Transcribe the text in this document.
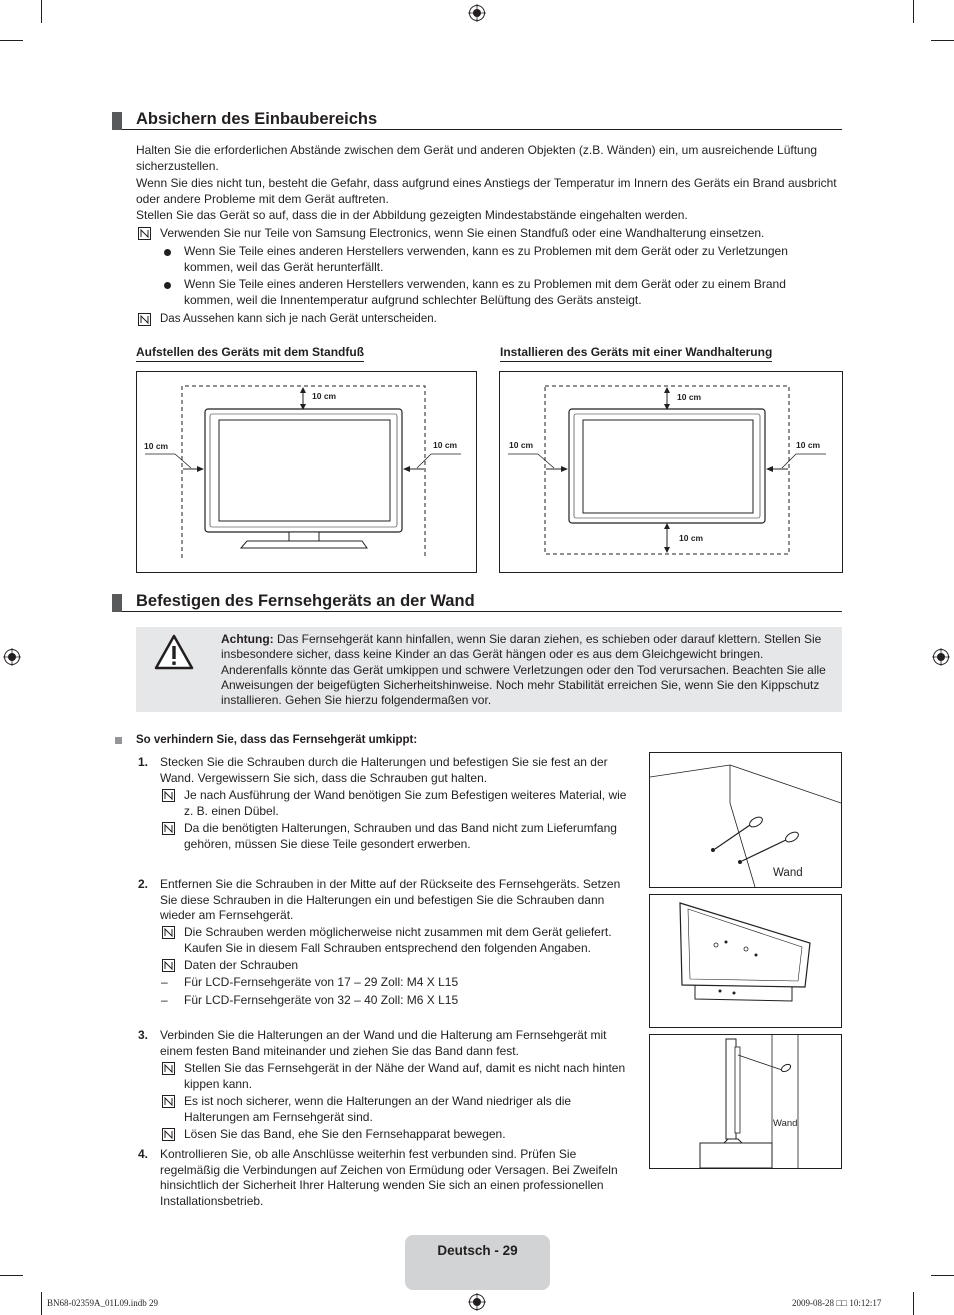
Absichern des Einbaubereichs
Halten Sie die erforderlichen Abstände zwischen dem Gerät und anderen Objekten (z.B. Wänden) ein, um ausreichende Lüftung sicherzustellen.
Wenn Sie dies nicht tun, besteht die Gefahr, dass aufgrund eines Anstiegs der Temperatur im Innern des Geräts ein Brand ausbricht oder andere Probleme mit dem Gerät auftreten.
Stellen Sie das Gerät so auf, dass die in der Abbildung gezeigten Mindestabstände eingehalten werden.
Verwenden Sie nur Teile von Samsung Electronics, wenn Sie einen Standfuß oder eine Wandhalterung einsetzen.
Wenn Sie Teile eines anderen Herstellers verwenden, kann es zu Problemen mit dem Gerät oder zu Verletzungen kommen, weil das Gerät herunterfällt.
Wenn Sie Teile eines anderen Herstellers verwenden, kann es zu Problemen mit dem Gerät oder zu einem Brand kommen, weil die Innentemperatur aufgrund schlechter Belüftung des Geräts ansteigt.
Das Aussehen kann sich je nach Gerät unterscheiden.
Aufstellen des Geräts mit dem Standfuß	Installieren des Geräts mit einer Wandhalterung
10 cm
10 cm	10 cm
10 cm
10 cm	10 cm
10 cm
Befestigen des Fernsehgeräts an der Wand
Achtung: Das Fernsehgerät kann hinfallen, wenn Sie daran ziehen, es schieben oder darauf klettern. Stellen Sie insbesondere sicher, dass keine Kinder an das Gerät hängen oder es aus dem Gleichgewicht bringen. Anderenfalls könnte das Gerät umkippen und schwere Verletzungen oder den Tod verursachen. Beachten Sie alle Anweisungen der beigefügten Sicherheitshinweise. Noch mehr Stabilität erreichen Sie, wenn Sie den Kippschutz installieren. Gehen Sie hierzu folgendermaßen vor.
So verhindern Sie, dass das Fernsehgerät umkippt:
1. Stecken Sie die Schrauben durch die Halterungen und befestigen Sie sie fest an der Wand. Vergewissern Sie sich, dass die Schrauben gut halten.
Je nach Ausführung der Wand benötigen Sie zum Befestigen weiteres Material, wie z. B. einen Dübel.
Da die benötigten Halterungen, Schrauben und das Band nicht zum Lieferumfang gehören, müssen Sie diese Teile gesondert erwerben.
2. Entfernen Sie die Schrauben in der Mitte auf der Rückseite des Fernsehgeräts. Setzen Sie diese Schrauben in die Halterungen ein und befestigen Sie die Schrauben dann wieder am Fernsehgerät.
Die Schrauben werden möglicherweise nicht zusammen mit dem Gerät geliefert. Kaufen Sie in diesem Fall Schrauben entsprechend den folgenden Angaben.
Daten der Schrauben
– Für LCD-Fernsehgeräte von 17 – 29 Zoll: M4 X L15
– Für LCD-Fernsehgeräte von 32 – 40 Zoll: M6 X L15
3. Verbinden Sie die Halterungen an der Wand und die Halterung am Fernsehgerät mit einem festen Band miteinander und ziehen Sie das Band dann fest.
Stellen Sie das Fernsehgerät in der Nähe der Wand auf, damit es nicht nach hinten kippen kann.
Es ist noch sicherer, wenn die Halterungen an der Wand niedriger als die Halterungen am Fernsehgerät sind.
Lösen Sie das Band, ehe Sie den Fernsehapparat bewegen.
4. Kontrollieren Sie, ob alle Anschlüsse weiterhin fest verbunden sind. Prüfen Sie regelmäßig die Verbindungen auf Zeichen von Ermüdung oder Versagen. Bei Zweifeln hinsichtlich der Sicherheit Ihrer Halterung wenden Sie sich an einen professionellen Installationsbetrieb.
Wand
Wand
Deutsch - 29
BN68-02359A_01L09.indb 29	2009-08-28 □□ 10:12:17
